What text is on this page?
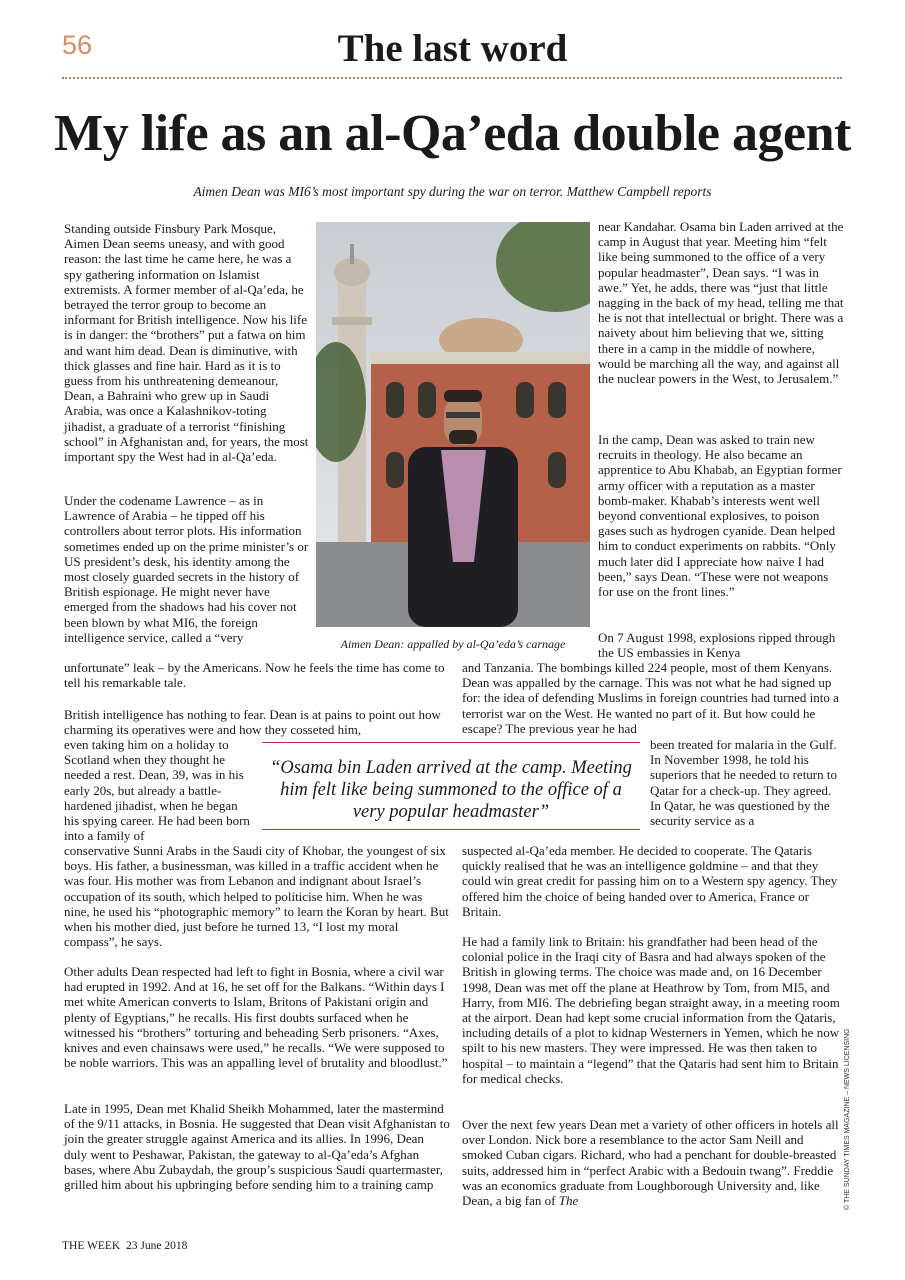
56	The last word
My life as an al-Qa’eda double agent
Aimen Dean was MI6’s most important spy during the war on terror. Matthew Campbell reports

Standing outside Finsbury Park Mosque, Aimen Dean seems uneasy, and with good reason: the last time he came here, he was a spy gathering information on Islamist extremists. A former member of al-Qa’eda, he betrayed the terror group to become an informant for British intelligence. Now his life is in danger: the “brothers” put a fatwa on him and want him dead. Dean is diminutive, with thick glasses and fine hair. Hard as it is to guess from his unthreatening demeanour, Dean, a Bahraini who grew up in Saudi Arabia, was once a Kalashnikov-toting jihadist, a graduate of a terrorist “finishing school” in Afghanistan and, for years, the most important spy the West had in al-Qa’eda.

Under the codename Lawrence – as in Lawrence of Arabia – he tipped off his controllers about terror plots. His information sometimes ended up on the prime minister’s or US president’s desk, his identity among the most closely guarded secrets in the history of British espionage. He might never have emerged from the shadows had his cover not been blown by what MI6, the foreign intelligence service, called a “very

unfortunate” leak – by the Americans. Now he feels the time has come to tell his remarkable tale.

British intelligence has nothing to fear. Dean is at pains to point out how charming its operatives were and how they cosseted him,

even taking him on a holiday to Scotland when they thought he needed a rest. Dean, 39, was in his early 20s, but already a battle-hardened jihadist, when he began his spying career. He had been born into a family of

conservative Sunni Arabs in the Saudi city of Khobar, the youngest of six boys. His father, a businessman, was killed in a traffic accident when he was four. His mother was from Lebanon and indignant about Israel’s occupation of its south, which helped to politicise him. When he was nine, he used his “photographic memory” to learn the Koran by heart. But when his mother died, just before he turned 13, “I lost my moral compass”, he says.

Other adults Dean respected had left to fight in Bosnia, where a civil war had erupted in 1992. And at 16, he set off for the Balkans. “Within days I met white American converts to Islam, Britons of Pakistani origin and plenty of Egyptians,” he recalls. His first doubts surfaced when he witnessed his “brothers” torturing and beheading Serb prisoners. “Axes, knives and even chainsaws were used,” he recalls. “We were supposed to be noble warriors. This was an appalling level of brutality and bloodlust.”

Late in 1995, Dean met Khalid Sheikh Mohammed, later the mastermind of the 9/11 attacks, in Bosnia. He suggested that Dean visit Afghanistan to join the greater struggle against America and its allies. In 1996, Dean duly went to Peshawar, Pakistan, the gateway to al-Qa’eda’s Afghan bases, where Abu Zubaydah, the group’s suspicious Saudi quartermaster, grilled him about his upbringing before sending him to a training camp

near Kandahar. Osama bin Laden arrived at the camp in August that year. Meeting him “felt like being summoned to the office of a very popular headmaster”, Dean says. “I was in awe.” Yet, he adds, there was “just that little nagging in the back of my head, telling me that he is not that intellectual or bright. There was a naivety about him believing that we, sitting there in a camp in the middle of nowhere, would be marching all the way, and against all the nuclear powers in the West, to Jerusalem.”

In the camp, Dean was asked to train new recruits in theology. He also became an apprentice to Abu Khabab, an Egyptian former army officer with a reputation as a master bomb-maker. Khabab’s interests went well beyond conventional explosives, to poison gases such as hydrogen cyanide. Dean helped him to conduct experiments on rabbits. “Only much later did I appreciate how naive I had been,” says Dean. “These were not weapons for use on the front lines.”

On 7 August 1998, explosions ripped through the US embassies in Kenya

and Tanzania. The bombings killed 224 people, most of them Kenyans. Dean was appalled by the carnage. This was not what he had signed up for: the idea of defending Muslims in foreign countries had turned into a terrorist war on the West. He wanted no part of it. But how could he escape? The previous year he had

been treated for malaria in the Gulf. In November 1998, he told his superiors that he needed to return to Qatar for a check-up. They agreed. In Qatar, he was questioned by the security service as a

suspected al-Qa’eda member. He decided to cooperate. The Qataris quickly realised that he was an intelligence goldmine – and that they could win great credit for passing him on to a Western spy agency. They offered him the choice of being handed over to America, France or Britain.

He had a family link to Britain: his grandfather had been head of the colonial police in the Iraqi city of Basra and had always spoken of the British in glowing terms. The choice was made and, on 16 December 1998, Dean was met off the plane at Heathrow by Tom, from MI5, and Harry, from MI6. The debriefing began straight away, in a meeting room at the airport. Dean had kept some crucial information from the Qataris, including details of a plot to kidnap Westerners in Yemen, which he now spilt to his new masters. They were impressed. He was then taken to hospital – to maintain a “legend” that the Qataris had sent him to Britain for medical checks.

Over the next few years Dean met a variety of other officers in hotels all over London. Nick bore a resemblance to the actor Sam Neill and smoked Cuban cigars. Richard, who had a penchant for double-breasted suits, addressed him in “perfect Arabic with a Bedouin twang”. Freddie was an economics graduate from Loughborough University and, like Dean, a big fan of The

Aimen Dean: appalled by al-Qa’eda’s carnage

“Osama bin Laden arrived at the camp. Meeting him felt like being summoned to the office of a very popular headmaster”

THE WEEK 23 June 2018
© THE SUNDAY TIMES MAGAZINE – NEWS LICENSING
